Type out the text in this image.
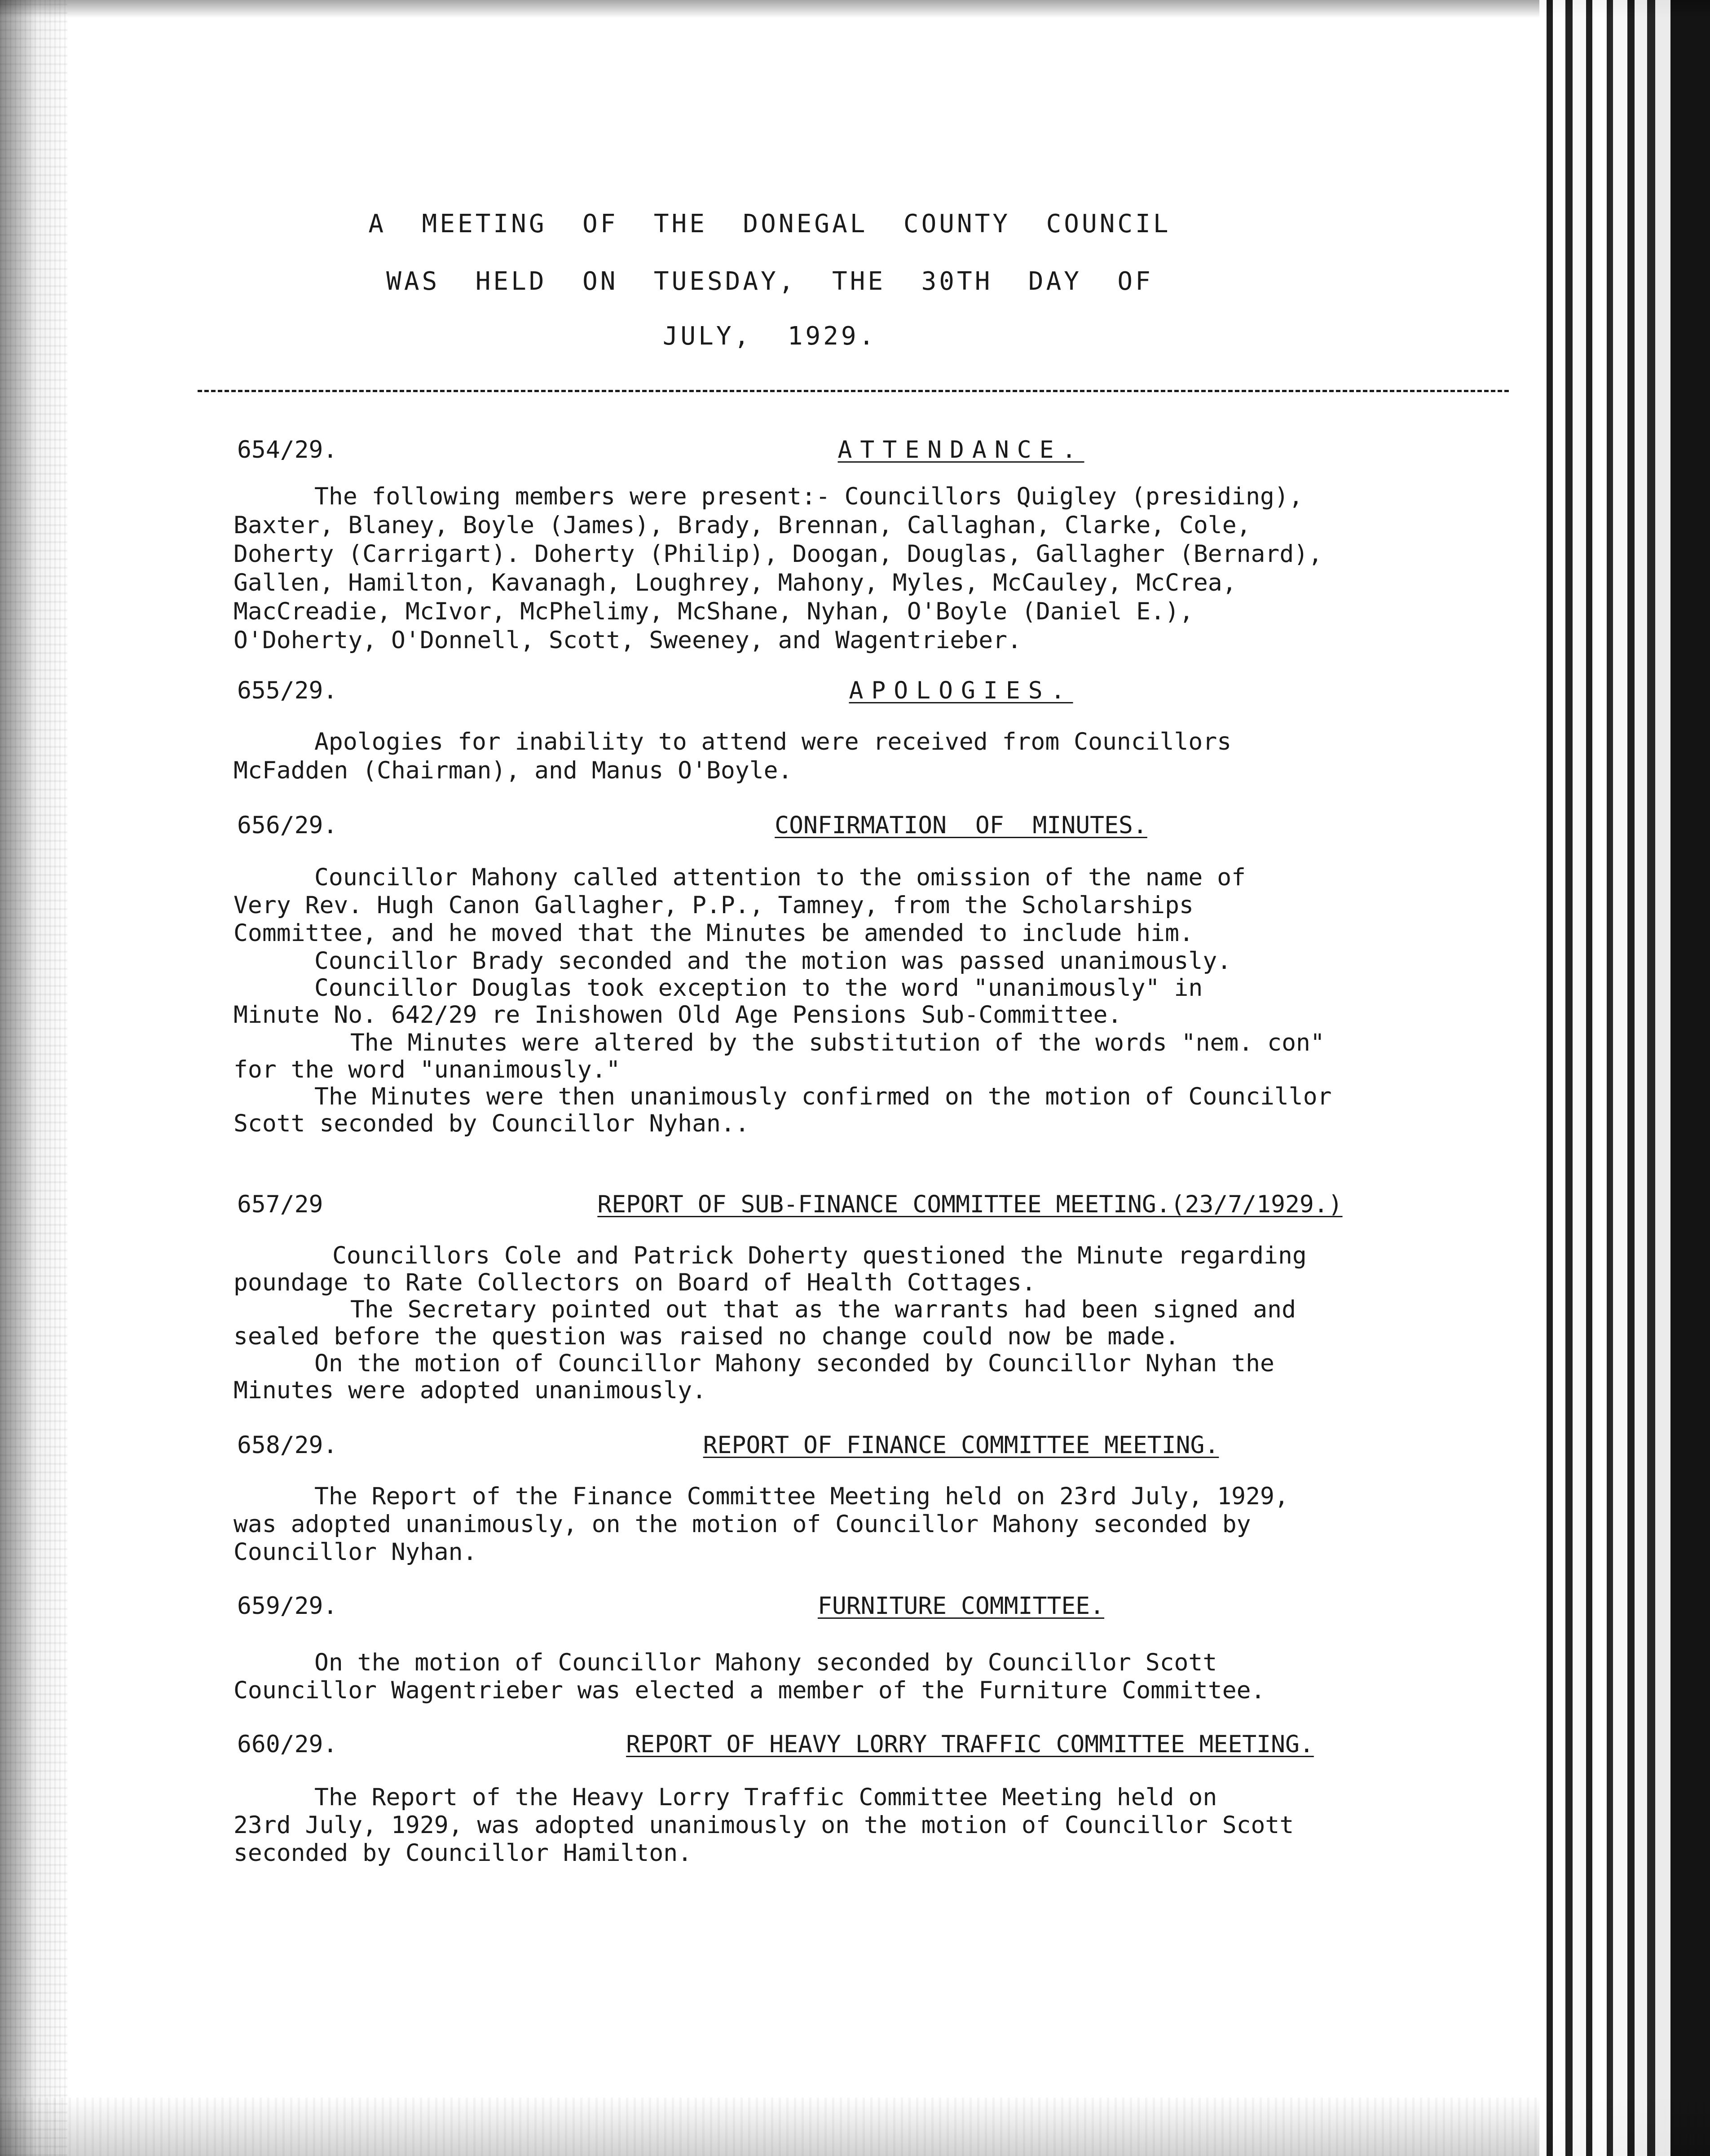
A  MEETING  OF  THE  DONEGAL  COUNTY  COUNCIL
WAS  HELD  ON  TUESDAY,  THE  30TH  DAY  OF
JULY,  1929.
654/29.	ATTENDANCE.
The following members were present:- Councillors Quigley (presiding),
Baxter, Blaney, Boyle (James), Brady, Brennan, Callaghan, Clarke, Cole,
Doherty (Carrigart). Doherty (Philip), Doogan, Douglas, Gallagher (Bernard),
Gallen, Hamilton, Kavanagh, Loughrey, Mahony, Myles, McCauley, McCrea,
MacCreadie, McIvor, McPhelimy, McShane, Nyhan, O'Boyle (Daniel E.),
O'Doherty, O'Donnell, Scott, Sweeney, and Wagentrieber.
655/29.	APOLOGIES.
Apologies for inability to attend were received from Councillors
McFadden (Chairman), and Manus O'Boyle.
656/29.	CONFIRMATION  OF  MINUTES.
Councillor Mahony called attention to the omission of the name of
Very Rev. Hugh Canon Gallagher, P.P., Tamney, from the Scholarships
Committee, and he moved that the Minutes be amended to include him.
Councillor Brady seconded and the motion was passed unanimously.
Councillor Douglas took exception to the word "unanimously" in
Minute No. 642/29 re Inishowen Old Age Pensions Sub-Committee.
The Minutes were altered by the substitution of the words "nem. con"
for the word "unanimously."
The Minutes were then unanimously confirmed on the motion of Councillor
Scott seconded by Councillor Nyhan..
657/29	REPORT OF SUB-FINANCE COMMITTEE MEETING.(23/7/1929.)
Councillors Cole and Patrick Doherty questioned the Minute regarding
poundage to Rate Collectors on Board of Health Cottages.
The Secretary pointed out that as the warrants had been signed and
sealed before the question was raised no change could now be made.
On the motion of Councillor Mahony seconded by Councillor Nyhan the
Minutes were adopted unanimously.
658/29.	REPORT OF FINANCE COMMITTEE MEETING.
The Report of the Finance Committee Meeting held on 23rd July, 1929,
was adopted unanimously, on the motion of Councillor Mahony seconded by
Councillor Nyhan.
659/29.	FURNITURE COMMITTEE.
On the motion of Councillor Mahony seconded by Councillor Scott
Councillor Wagentrieber was elected a member of the Furniture Committee.
660/29.	REPORT OF HEAVY LORRY TRAFFIC COMMITTEE MEETING.
The Report of the Heavy Lorry Traffic Committee Meeting held on
23rd July, 1929, was adopted unanimously on the motion of Councillor Scott
seconded by Councillor Hamilton.
